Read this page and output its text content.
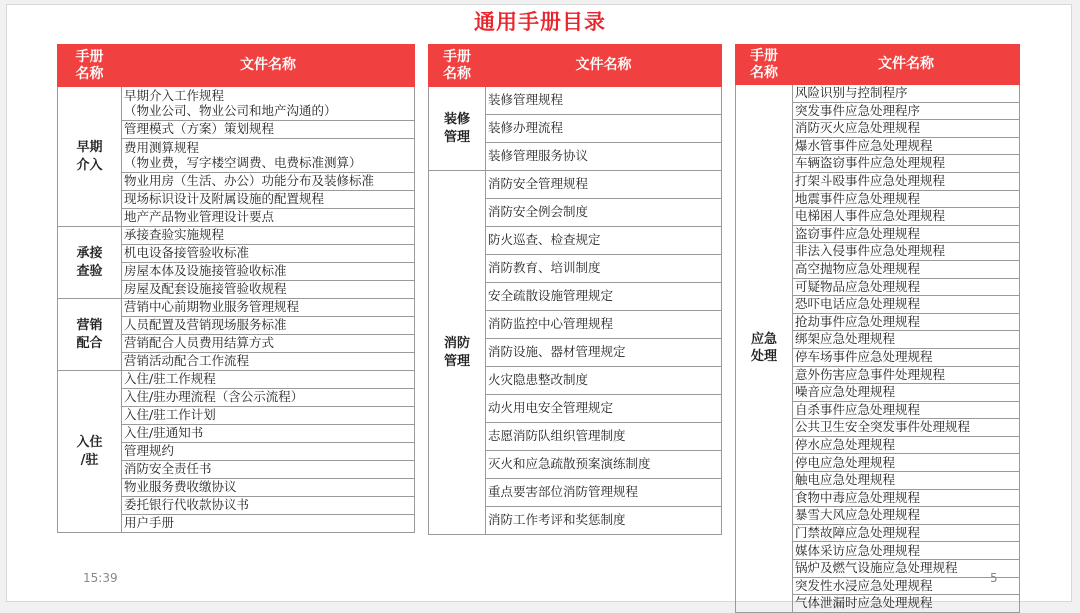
通用手册目录
手册
名称	文件名称
早期
介入	早期介入工作规程
（物业公司、物业公司和地产沟通的）
	管理模式（方案）策划规程
	费用测算规程
（物业费，写字楼空调费、电费标准测算）
	物业用房（生活、办公）功能分布及装修标准
	现场标识设计及附属设施的配置规程
	地产产品物业管理设计要点
承接
查验	承接查验实施规程
	机电设备接管验收标准
	房屋本体及设施接管验收标准
	房屋及配套设施接管验收规程
营销
配合	营销中心前期物业服务管理规程
	人员配置及营销现场服务标准
	营销配合人员费用结算方式
	营销活动配合工作流程
入住
/驻	入住/驻工作规程
	入住/驻办理流程（含公示流程）
	入住/驻工作计划
	入住/驻通知书
	管理规约
	消防安全责任书
	物业服务费收缴协议
	委托银行代收款协议书
	用户手册
手册
名称	文件名称
装修
管理	装修管理规程
	装修办理流程
	装修管理服务协议
消防
管理	消防安全管理规程
	消防安全例会制度
	防火巡查、检查规定
	消防教育、培训制度
	安全疏散设施管理规定
	消防监控中心管理规程
	消防设施、器材管理规定
	火灾隐患整改制度
	动火用电安全管理规定
	志愿消防队组织管理制度
	灭火和应急疏散预案演练制度
	重点要害部位消防管理规程
	消防工作考评和奖惩制度
手册
名称	文件名称
应急
处理	风险识别与控制程序
	突发事件应急处理程序
	消防灭火应急处理规程
	爆水管事件应急处理规程
	车辆盗窃事件应急处理规程
	打架斗殴事件应急处理规程
	地震事件应急处理规程
	电梯困人事件应急处理规程
	盗窃事件应急处理规程
	非法入侵事件应急处理规程
	高空抛物应急处理规程
	可疑物品应急处理规程
	恐吓电话应急处理规程
	抢劫事件应急处理规程
	绑架应急处理规程
	停车场事件应急处理规程
	意外伤害应急事件处理规程
	噪音应急处理规程
	自杀事件应急处理规程
	公共卫生安全突发事件处理规程
	停水应急处理规程
	停电应急处理规程
	触电应急处理规程
	食物中毒应急处理规程
	暴雪大风应急处理规程
	门禁故障应急处理规程
	媒体采访应急处理规程
	锅炉及燃气设施应急处理规程
	突发性水浸应急处理规程
	气体泄漏时应急处理规程
15:39	5
